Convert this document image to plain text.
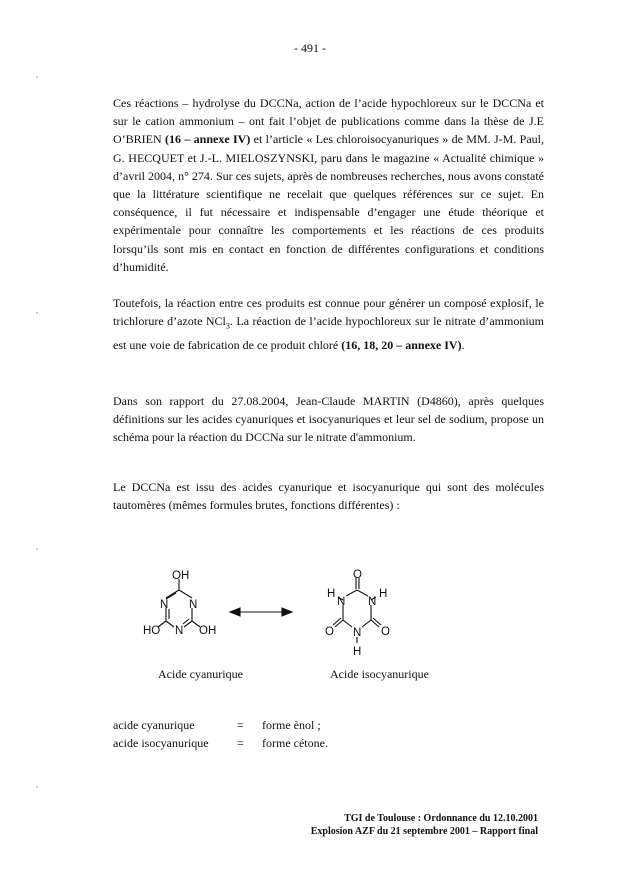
- 491 -

Ces réactions – hydrolyse du DCCNa, action de l’acide hypochloreux sur le DCCNa et sur le cation ammonium – ont fait l’objet de publications comme dans la thèse de J.E O’BRIEN (16 – annexe IV) et l’article « Les chloroisocyanuriques » de MM. J-M. Paul, G. HECQUET et J.-L. MIELOSZYNSKI, paru dans le magazine « Actualité chimique » d’avril 2004, n° 274. Sur ces sujets, après de nombreuses recherches, nous avons constaté que la littérature scientifique ne recelait que quelques références sur ce sujet. En conséquence, il fut nécessaire et indispensable d’engager une étude théorique et expérimentale pour connaître les comportements et les réactions de ces produits lorsqu’ils sont mis en contact en fonction de différentes configurations et conditions d’humidité.

Toutefois, la réaction entre ces produits est connue pour générer un composé explosif, le trichlorure d’azote NCl$_3$. La réaction de l’acide hypochloreux sur le nitrate d’ammonium est une voie de fabrication de ce produit chloré (16, 18, 20 – annexe IV).

Dans son rapport du 27.08.2004, Jean-Claude MARTIN (D4860), après quelques définitions sur les acides cyanuriques et isocyanuriques et leur sel de sodium, propose un schéma pour la réaction du DCCNa sur le nitrate d'ammonium.

Le DCCNa est issu des acides cyanurique et isocyanurique qui sont des molécules tautomères (mêmes formules brutes, fonctions différentes) :

OH
N N
N
HO	OH
O
H
N N
H
O N O
H
Acide cyanurique	Acide isocyanurique
acide cyanurique	=	forme ènol ;
acide isocyanurique	=	forme cétone.
TGI de Toulouse : Ordonnance du 12.10.2001
Explosion AZF du 21 septembre 2001 – Rapport final
